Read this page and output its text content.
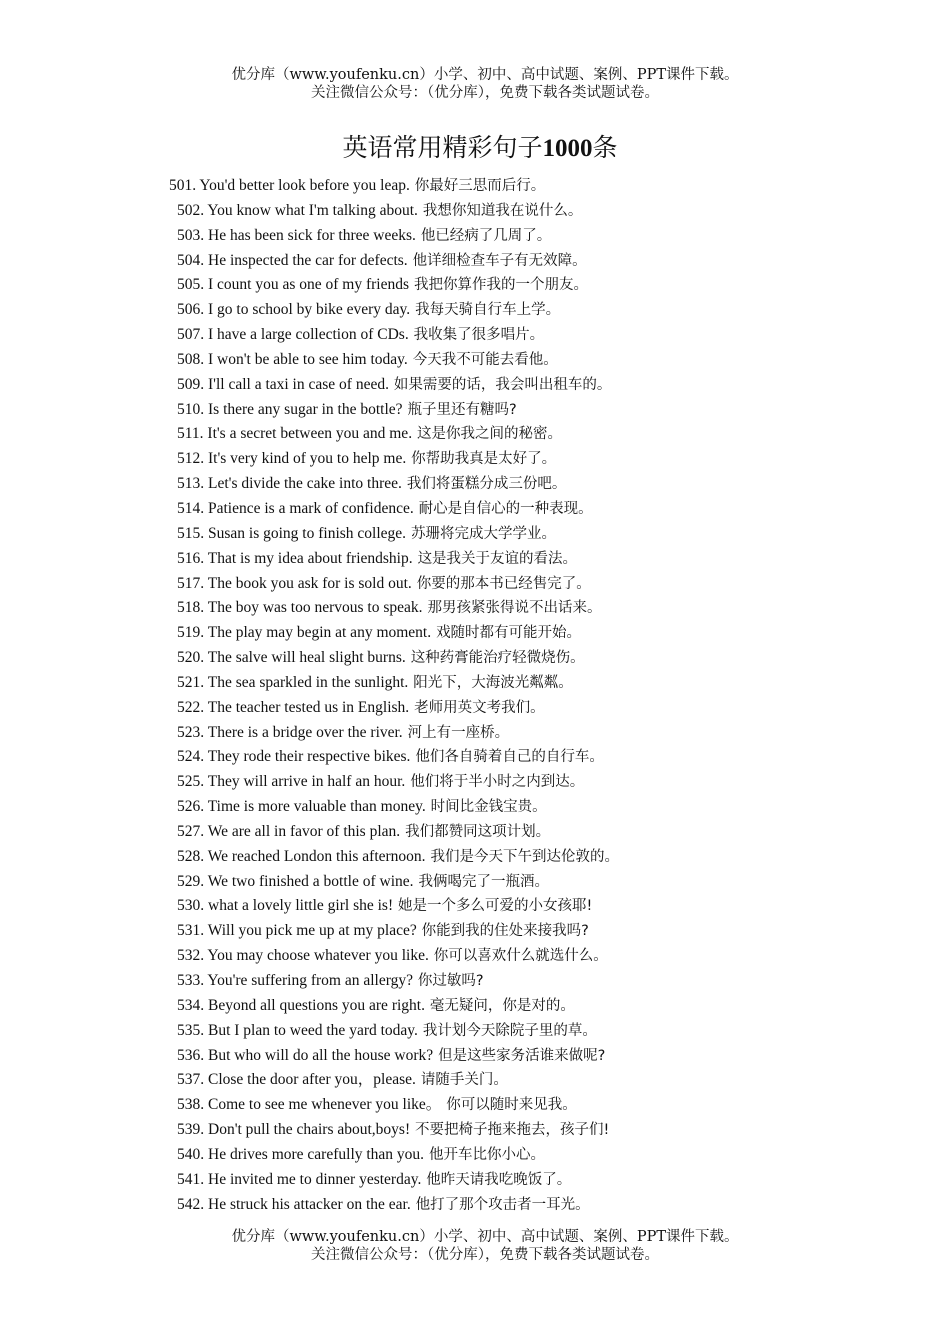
优分库（www.youfenku.cn）小学、初中、高中试题、案例、PPT课件下载。
关注微信公众号：（优分库），免费下载各类试题试卷。
英语常用精彩句子1000条
501. You'd better look before you leap. 你最好三思而后行。
502. You know what I'm talking about. 我想你知道我在说什么。
503. He has been sick for three weeks. 他已经病了几周了。
504. He inspected the car for defects. 他详细检查车子有无效障。
505. I count you as one of my friends 我把你算作我的一个朋友。
506. I go to school by bike every day. 我每天骑自行车上学。
507. I have a large collection of CDs. 我收集了很多唱片。
508. I won't be able to see him today. 今天我不可能去看他。
509. I'll call a taxi in case of need. 如果需要的话，我会叫出租车的。
510. Is there any sugar in the bottle? 瓶子里还有糖吗?
511. It's a secret between you and me. 这是你我之间的秘密。
512. It's very kind of you to help me. 你帮助我真是太好了。
513. Let's divide the cake into three. 我们将蛋糕分成三份吧。
514. Patience is a mark of confidence. 耐心是自信心的一种表现。
515. Susan is going to finish college. 苏珊将完成大学学业。
516. That is my idea about friendship. 这是我关于友谊的看法。
517. The book you ask for is sold out. 你要的那本书已经售完了。
518. The boy was too nervous to speak. 那男孩紧张得说不出话来。
519. The play may begin at any moment. 戏随时都有可能开始。
520. The salve will heal slight burns. 这种药膏能治疗轻微烧伤。
521. The sea sparkled in the sunlight. 阳光下，大海波光粼粼。
522. The teacher tested us in English. 老师用英文考我们。
523. There is a bridge over the river. 河上有一座桥。
524. They rode their respective bikes. 他们各自骑着自己的自行车。
525. They will arrive in half an hour. 他们将于半小时之内到达。
526. Time is more valuable than money. 时间比金钱宝贵。
527. We are all in favor of this plan. 我们都赞同这项计划。
528. We reached London this afternoon. 我们是今天下午到达伦敦的。
529. We two finished a bottle of wine. 我俩喝完了一瓶酒。
530. what a lovely little girl she is! 她是一个多么可爱的小女孩耶!
531. Will you pick me up at my place? 你能到我的住处来接我吗?
532. You may choose whatever you like. 你可以喜欢什么就选什么。
533. You're suffering from an allergy? 你过敏吗?
534. Beyond all questions you are right. 毫无疑问，你是对的。
535. But I plan to weed the yard today. 我计划今天除院子里的草。
536. But who will do all the house work? 但是这些家务活谁来做呢?
537. Close the door after you，please. 请随手关门。
538. Come to see me whenever you like。 你可以随时来见我。
539. Don't pull the chairs about,boys! 不要把椅子拖来拖去，孩子们!
540. He drives more carefully than you. 他开车比你小心。
541. He invited me to dinner yesterday. 他昨天请我吃晚饭了。
542. He struck his attacker on the ear. 他打了那个攻击者一耳光。
优分库（www.youfenku.cn）小学、初中、高中试题、案例、PPT课件下载。
关注微信公众号：（优分库），免费下载各类试题试卷。
